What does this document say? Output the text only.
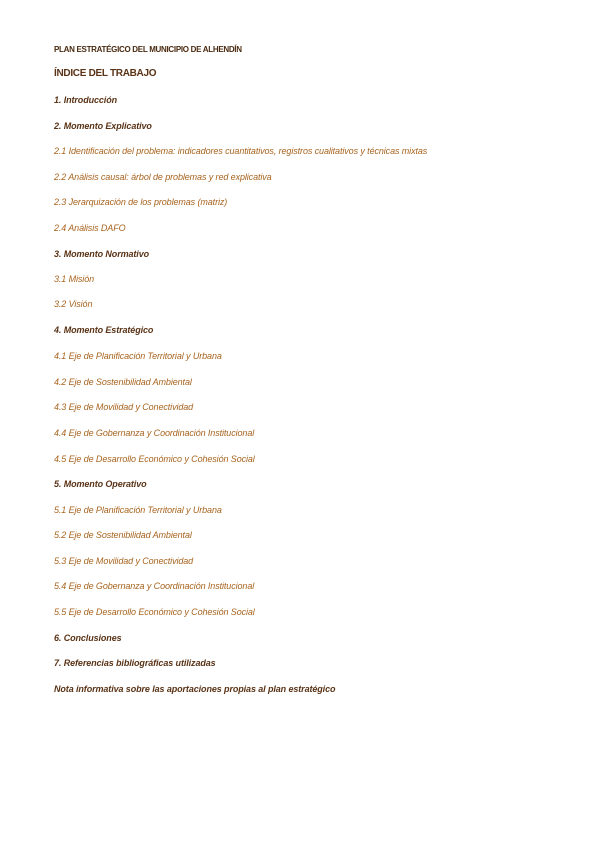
PLAN ESTRATÉGICO DEL MUNICIPIO DE ALHENDÍN
ÍNDICE DEL TRABAJO
1. Introducción
2. Momento Explicativo
2.1 Identificación del problema: indicadores cuantitativos, registros cualitativos y técnicas mixtas
2.2 Análisis causal: árbol de problemas y red explicativa
2.3 Jerarquización de los problemas (matriz)
2.4 Análisis DAFO
3. Momento Normativo
3.1 Misión
3.2 Visión
4. Momento Estratégico
4.1 Eje de Planificación Territorial y Urbana
4.2 Eje de Sostenibilidad Ambiental
4.3 Eje de Movilidad y Conectividad
4.4 Eje de Gobernanza y Coordinación Institucional
4.5 Eje de Desarrollo Económico y Cohesión Social
5. Momento Operativo
5.1 Eje de Planificación Territorial y Urbana
5.2 Eje de Sostenibilidad Ambiental
5.3 Eje de Movilidad y Conectividad
5.4 Eje de Gobernanza y Coordinación Institucional
5.5 Eje de Desarrollo Económico y Cohesión Social
6. Conclusiones
7. Referencias bibliográficas utilizadas
Nota informativa sobre las aportaciones propias al plan estratégico
